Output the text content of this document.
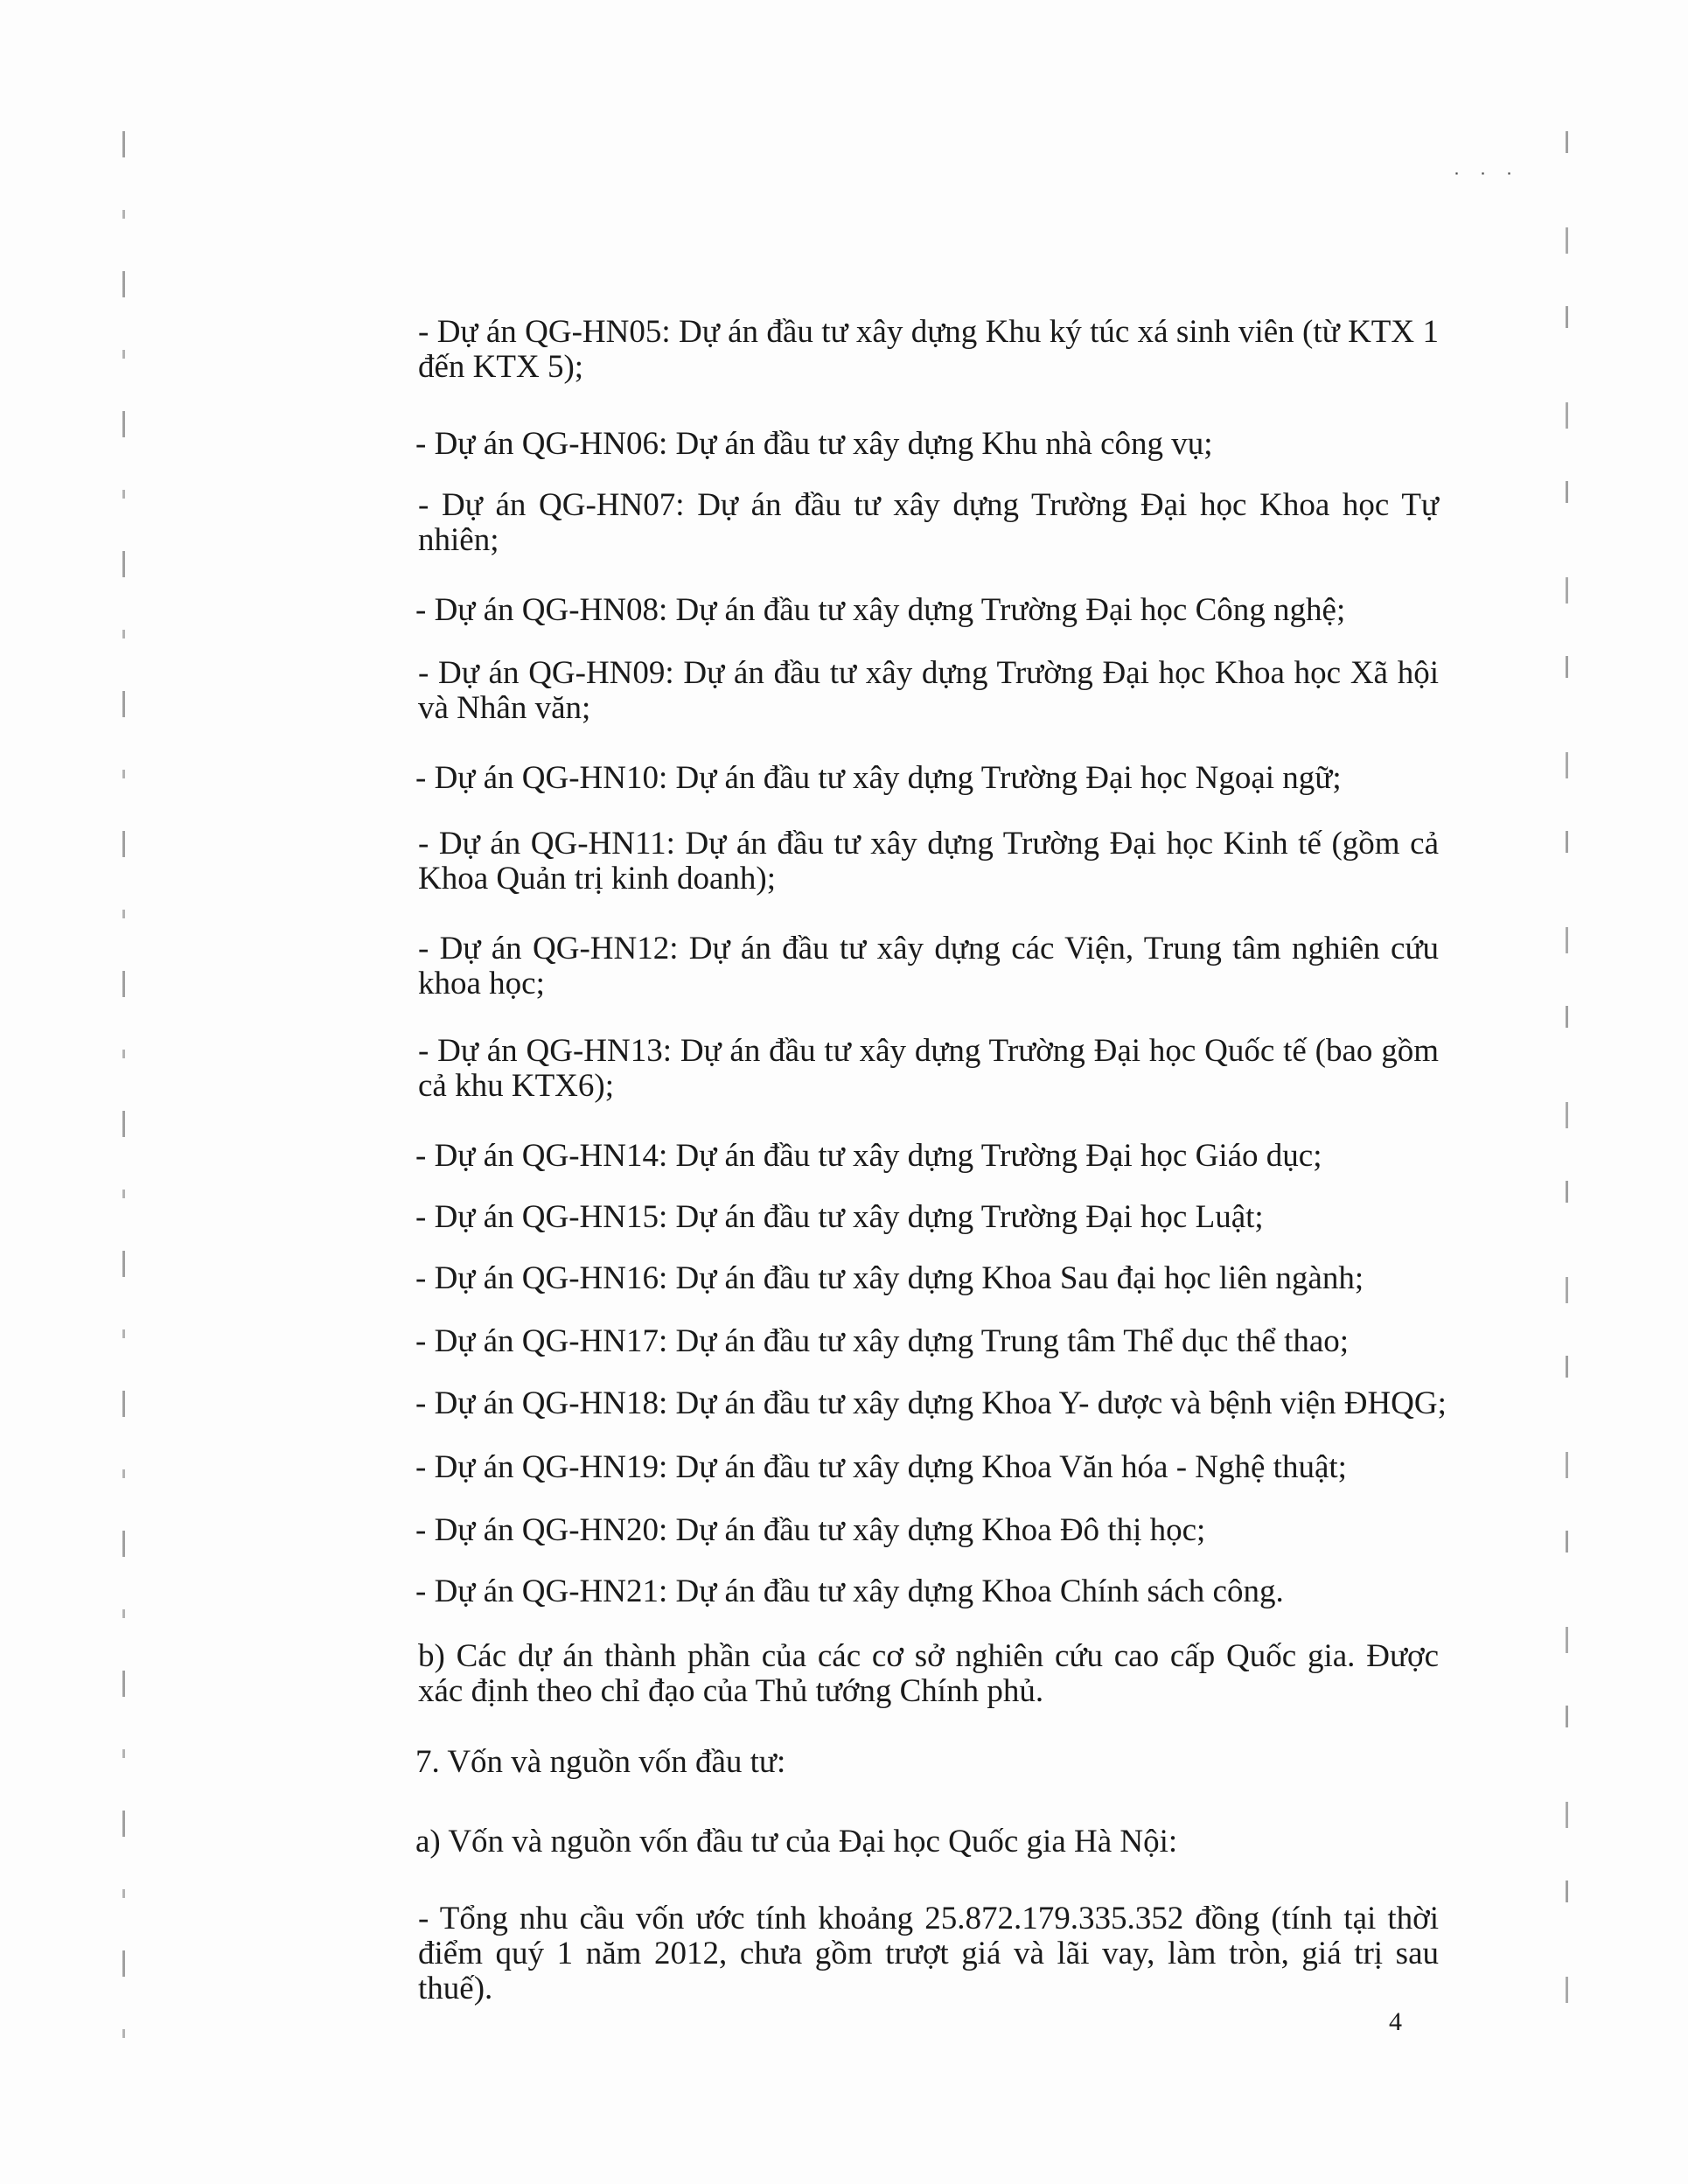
˙ ˙ ˙

- Dự án QG-HN05: Dự án đầu tư xây dựng Khu ký túc xá sinh viên (từ KTX 1 đến KTX 5);

- Dự án QG-HN06: Dự án đầu tư xây dựng Khu nhà công vụ;

- Dự án QG-HN07: Dự án đầu tư xây dựng Trường Đại học Khoa học Tự nhiên;

- Dự án QG-HN08: Dự án đầu tư xây dựng Trường Đại học Công nghệ;

- Dự án QG-HN09: Dự án đầu tư xây dựng Trường Đại học Khoa học Xã hội và Nhân văn;

- Dự án QG-HN10: Dự án đầu tư xây dựng Trường Đại học Ngoại ngữ;

- Dự án QG-HN11: Dự án đầu tư xây dựng Trường Đại học Kinh tế (gồm cả Khoa Quản trị kinh doanh);

- Dự án QG-HN12: Dự án đầu tư xây dựng các Viện, Trung tâm nghiên cứu khoa học;

- Dự án QG-HN13: Dự án đầu tư xây dựng Trường Đại học Quốc tế (bao gồm cả khu KTX6);

- Dự án QG-HN14: Dự án đầu tư xây dựng Trường Đại học Giáo dục;

- Dự án QG-HN15: Dự án đầu tư xây dựng Trường Đại học Luật;

- Dự án QG-HN16: Dự án đầu tư xây dựng Khoa Sau đại học liên ngành;

- Dự án QG-HN17: Dự án đầu tư xây dựng Trung tâm Thể dục thể thao;

- Dự án QG-HN18: Dự án đầu tư xây dựng Khoa Y- dược và bệnh viện ĐHQG;

- Dự án QG-HN19: Dự án đầu tư xây dựng Khoa Văn hóa - Nghệ thuật;

- Dự án QG-HN20: Dự án đầu tư xây dựng Khoa Đô thị học;

- Dự án QG-HN21: Dự án đầu tư xây dựng Khoa Chính sách công.

b) Các dự án thành phần của các cơ sở nghiên cứu cao cấp Quốc gia. Được xác định theo chỉ đạo của Thủ tướng Chính phủ.

7. Vốn và nguồn vốn đầu tư:

a) Vốn và nguồn vốn đầu tư của Đại học Quốc gia Hà Nội:

- Tổng nhu cầu vốn ước tính khoảng 25.872.179.335.352 đồng (tính tại thời điểm quý 1 năm 2012, chưa gồm trượt giá và lãi vay, làm tròn, giá trị sau thuế).

4
